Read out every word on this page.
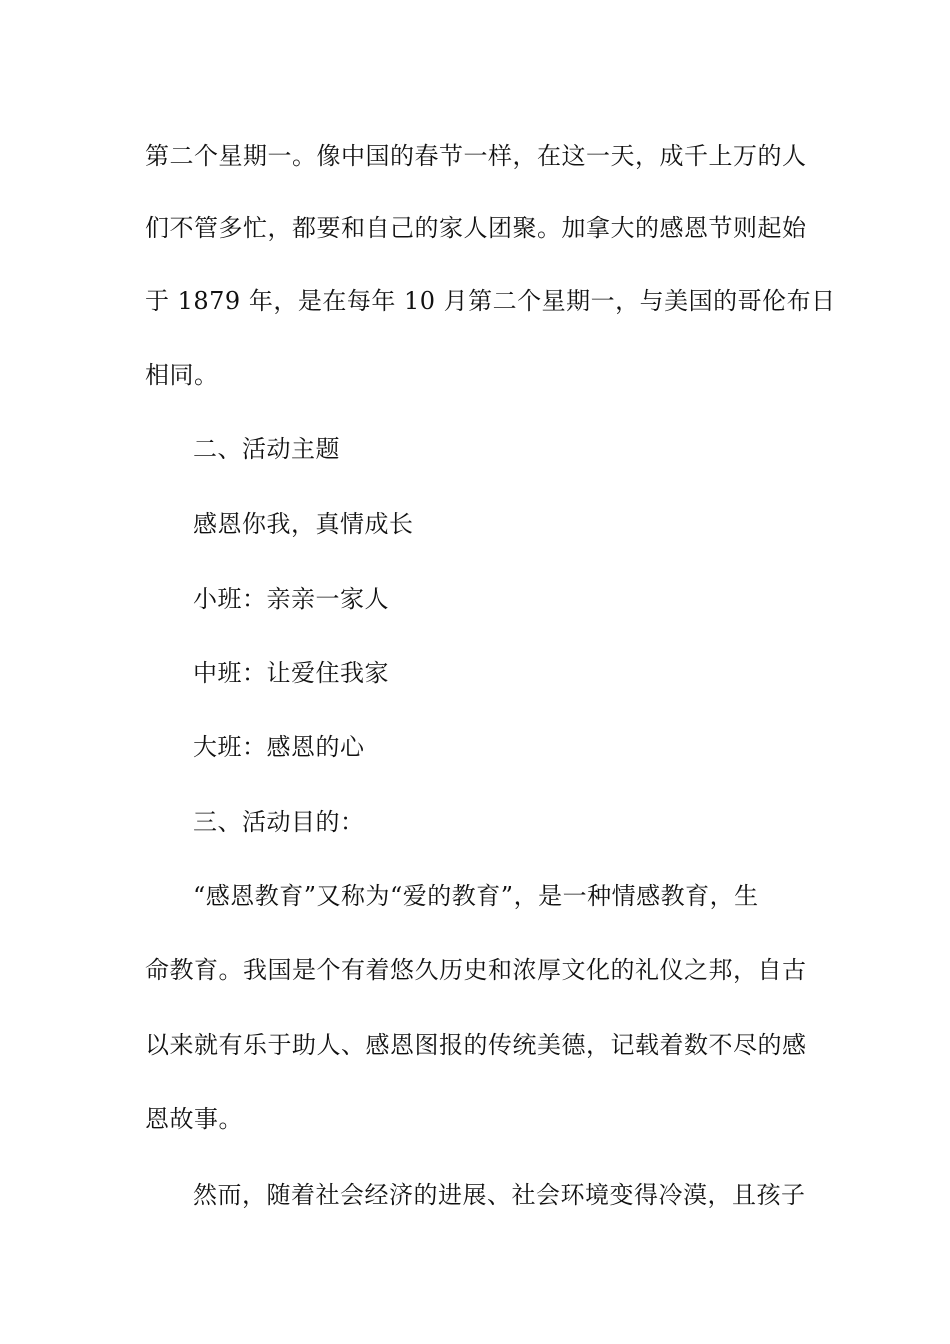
第二个星期一。像中国的春节一样，在这一天，成千上万的人
们不管多忙，都要和自己的家人团聚。加拿大的感恩节则起始
于 1879 年，是在每年 10 月第二个星期一，与美国的哥伦布日
相同。
二、活动主题
感恩你我，真情成长
小班：亲亲一家人
中班：让爱住我家
大班：感恩的心
三、活动目的：
“感恩教育”又称为“爱的教育”，是一种情感教育，生
命教育。我国是个有着悠久历史和浓厚文化的礼仪之邦，自古
以来就有乐于助人、感恩图报的传统美德，记载着数不尽的感
恩故事。
然而，随着社会经济的进展、社会环境变得冷漠，且孩子
